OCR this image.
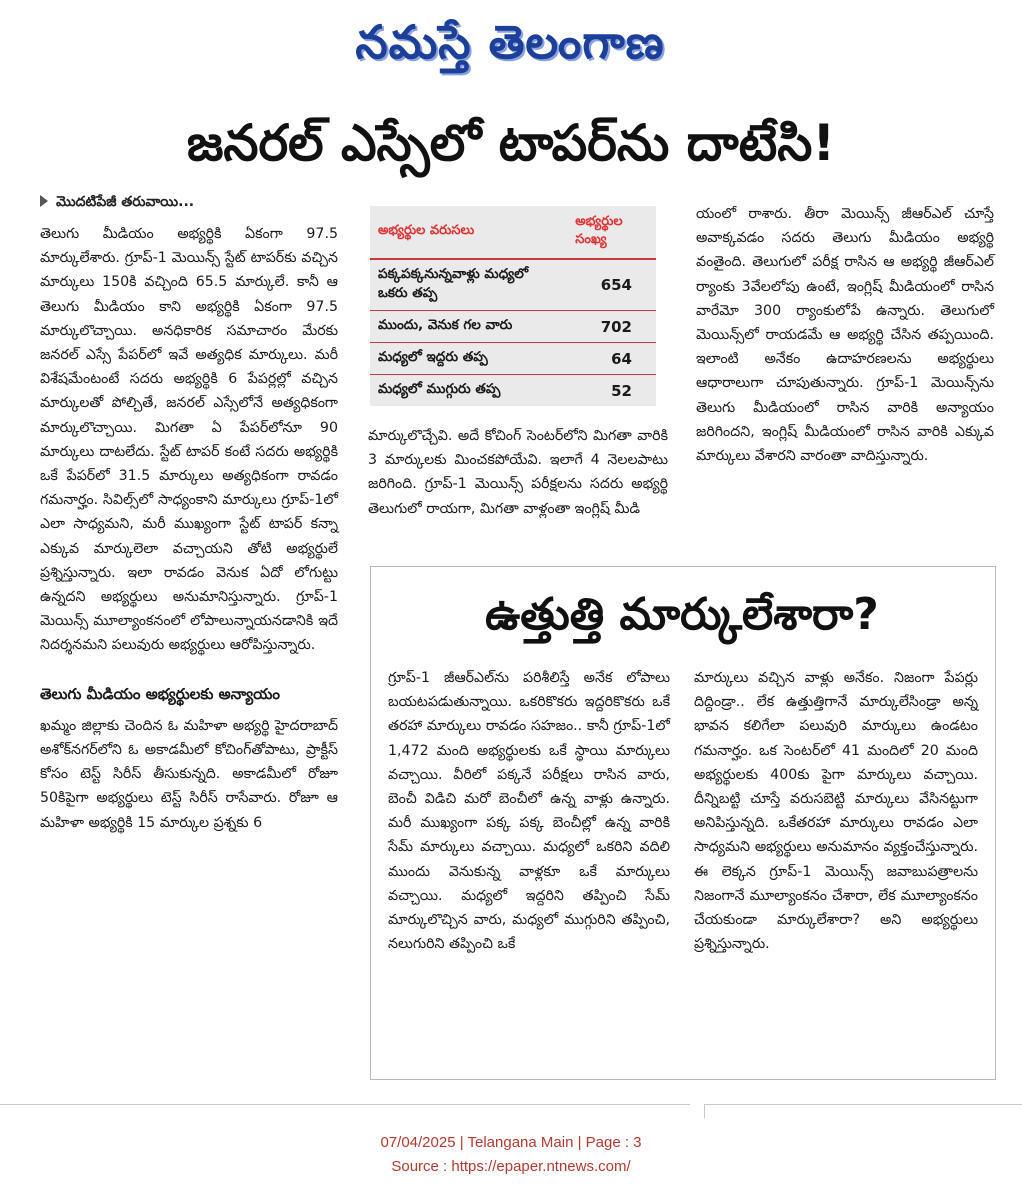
నమస్తే తెలంగాణ
జనరల్ ఎస్సేలో టాపర్‌ను దాటేసి!
మొదటిపేజీ తరువాయి...

తెలుగు మీడియం అభ్యర్థికి ఏకంగా 97.5 మార్కులేశారు. గ్రూప్‌-1 మెయిన్స్‌ స్టేట్‌ టాపర్‌కు వచ్చిన మార్కులు 150కి వచ్చింది 65.5 మార్కులే. కానీ ఆ తెలుగు మీడియం కాని అభ్యర్థికి ఏకంగా 97.5 మార్కులొచ్చాయి. అనధికారిక సమాచారం మేరకు జనరల్‌ ఎస్సే పేపర్‌లో ఇవే అత్యధిక మార్కులు. మరీ విశేషమేంటంటే సదరు అభ్యర్థికి 6 పేపర్లల్లో వచ్చిన మార్కులతో పోల్చితే, జనరల్‌ ఎస్సేలోనే అత్యధికంగా మార్కులొచ్చాయి. మిగతా ఏ పేపర్‌లోనూ 90 మార్కులు దాటలేదు. స్టేట్‌ టాపర్‌ కంటే సదరు అభ్యర్థికి ఒకే పేపర్‌లో 31.5 మార్కులు అత్యధికంగా రావడం గమనార్హం. సివిల్స్‌లో సాధ్యంకాని మార్కులు గ్రూప్‌-1లో ఎలా సాధ్యమని, మరీ ముఖ్యంగా స్టేట్‌ టాపర్‌ కన్నా ఎక్కువ మార్కులెలా వచ్చాయని తోటి అభ్యర్థులే ప్రశ్నిస్తున్నారు. ఇలా రావడం వెనుక ఏదో లోగుట్టు ఉన్నదని అభ్యర్థులు అనుమానిస్తున్నారు. గ్రూప్‌-1 మెయిన్స్‌ మూల్యాంకనంలో లోపాలున్నాయనడానికి ఇదే నిదర్శనమని పలువురు అభ్యర్థులు ఆరోపిస్తున్నారు.

తెలుగు మీడియం అభ్యర్థులకు అన్యాయం

ఖమ్మం జిల్లాకు చెందిన ఓ మహిళా అభ్యర్థి హైదరాబాద్‌ అశోక్‌నగర్‌లోని ఓ అకాడమీలో కోచింగ్‌తోపాటు, ప్రాక్టీస్‌ కోసం టెస్ట్‌ సిరీస్‌ తీసుకున్నది. అకాడమీలో రోజూ 50కిపైగా అభ్యర్థులు టెస్ట్‌ సిరీస్‌ రాసేవారు. రోజూ ఆ మహిళా అభ్యర్థికి 15 మార్కుల ప్రశ్నకు 6

అభ్యర్థుల వరుసలు	అభ్యర్థుల సంఖ్య
పక్కపక్కనున్నవాళ్లు మధ్యలో ఒకరు తప్ప	654
ముందు, వెనుక గల వారు	702
మధ్యలో ఇద్దరు తప్ప	64
మధ్యలో ముగ్గురు తప్ప	52

మార్కులొచ్చేవి. అదే కోచింగ్‌ సెంటర్‌లోని మిగతా వారికి 3 మార్కులకు మించకపోయేవి. ఇలాగే 4 నెలలపాటు జరిగింది. గ్రూప్‌-1 మెయిన్స్‌ పరీక్షలను సదరు అభ్యర్థి తెలుగులో రాయగా, మిగతా వాళ్లంతా ఇంగ్లిష్‌ మీడి

యంలో రాశారు. తీరా మెయిన్స్‌ జీఆర్‌ఎల్‌ చూస్తే అవాక్కవడం సదరు తెలుగు మీడియం అభ్యర్థి వంతైంది. తెలుగులో పరీక్ష రాసిన ఆ అభ్యర్థి జీఆర్‌ఎల్‌ ర్యాంకు 3వేలలోపు ఉంటే, ఇంగ్లిష్‌ మీడియంలో రాసిన వారేమో 300 ర్యాంకులోపే ఉన్నారు. తెలుగులో మెయిన్స్‌లో రాయడమే ఆ అభ్యర్థి చేసిన తప్పయింది. ఇలాంటి అనేకం ఉదాహరణలను అభ్యర్థులు ఆధారాలుగా చూపుతున్నారు. గ్రూప్‌-1 మెయిన్స్‌ను తెలుగు మీడియంలో రాసిన వారికి అన్యాయం జరిగిందని, ఇంగ్లిష్‌ మీడియంలో రాసిన వారికి ఎక్కువ మార్కులు వేశారని వారంతా వాదిస్తున్నారు.

ఉత్తుత్తి మార్కులేశారా?

గ్రూప్‌-1 జీఆర్‌ఎల్‌ను పరిశీలిస్తే అనేక లోపాలు బయటపడుతున్నాయి. ఒకరికొకరు ఇద్దరికొకరు ఒకే తరహా మార్కులు రావడం సహజం.. కానీ గ్రూప్‌-1లో 1,472 మంది అభ్యర్థులకు ఒకే స్థాయి మార్కులు వచ్చాయి. వీరిలో పక్కనే పరీక్షలు రాసిన వారు, బెంచీ విడిచి మరో బెంచీలో ఉన్న వాళ్లు ఉన్నారు. మరీ ముఖ్యంగా పక్క పక్క బెంచీల్లో ఉన్న వారికి సేమ్‌ మార్కులు వచ్చాయి. మధ్యలో ఒకరిని వదిలి ముందు వెనుకున్న వాళ్లకూ ఒకే మార్కులు వచ్చాయి. మధ్యలో ఇద్దరిని తప్పించి సేమ్‌ మార్కులొచ్చిన వారు, మధ్యలో ముగ్గురిని తప్పించి, నలుగురిని తప్పించి ఒకే

మార్కులు వచ్చిన వాళ్లు అనేకం. నిజంగా పేపర్లు దిద్దిండ్రా.. లేక ఉత్తుత్తిగానే మార్కులేసిండ్రా అన్న భావన కలిగేలా పలువురి మార్కులు ఉండటం గమనార్హం. ఒక సెంటర్‌లో 41 మందిలో 20 మంది అభ్యర్థులకు 400కు పైగా మార్కులు వచ్చాయి. దీన్నిబట్టి చూస్తే వరుసబెట్టి మార్కులు వేసినట్టుగా అనిపిస్తున్నది. ఒకేతరహా మార్కులు రావడం ఎలా సాధ్యమని అభ్యర్థులు అనుమానం వ్యక్తంచేస్తున్నారు. ఈ లెక్కన గ్రూప్‌-1 మెయిన్స్‌ జవాబుపత్రాలను నిజంగానే మూల్యాంకనం చేశారా, లేక మూల్యాంకనం చేయకుండా మార్కులేశారా? అని అభ్యర్థులు ప్రశ్నిస్తున్నారు.

07/04/2025 | Telangana Main | Page : 3
Source : https://epaper.ntnews.com/
